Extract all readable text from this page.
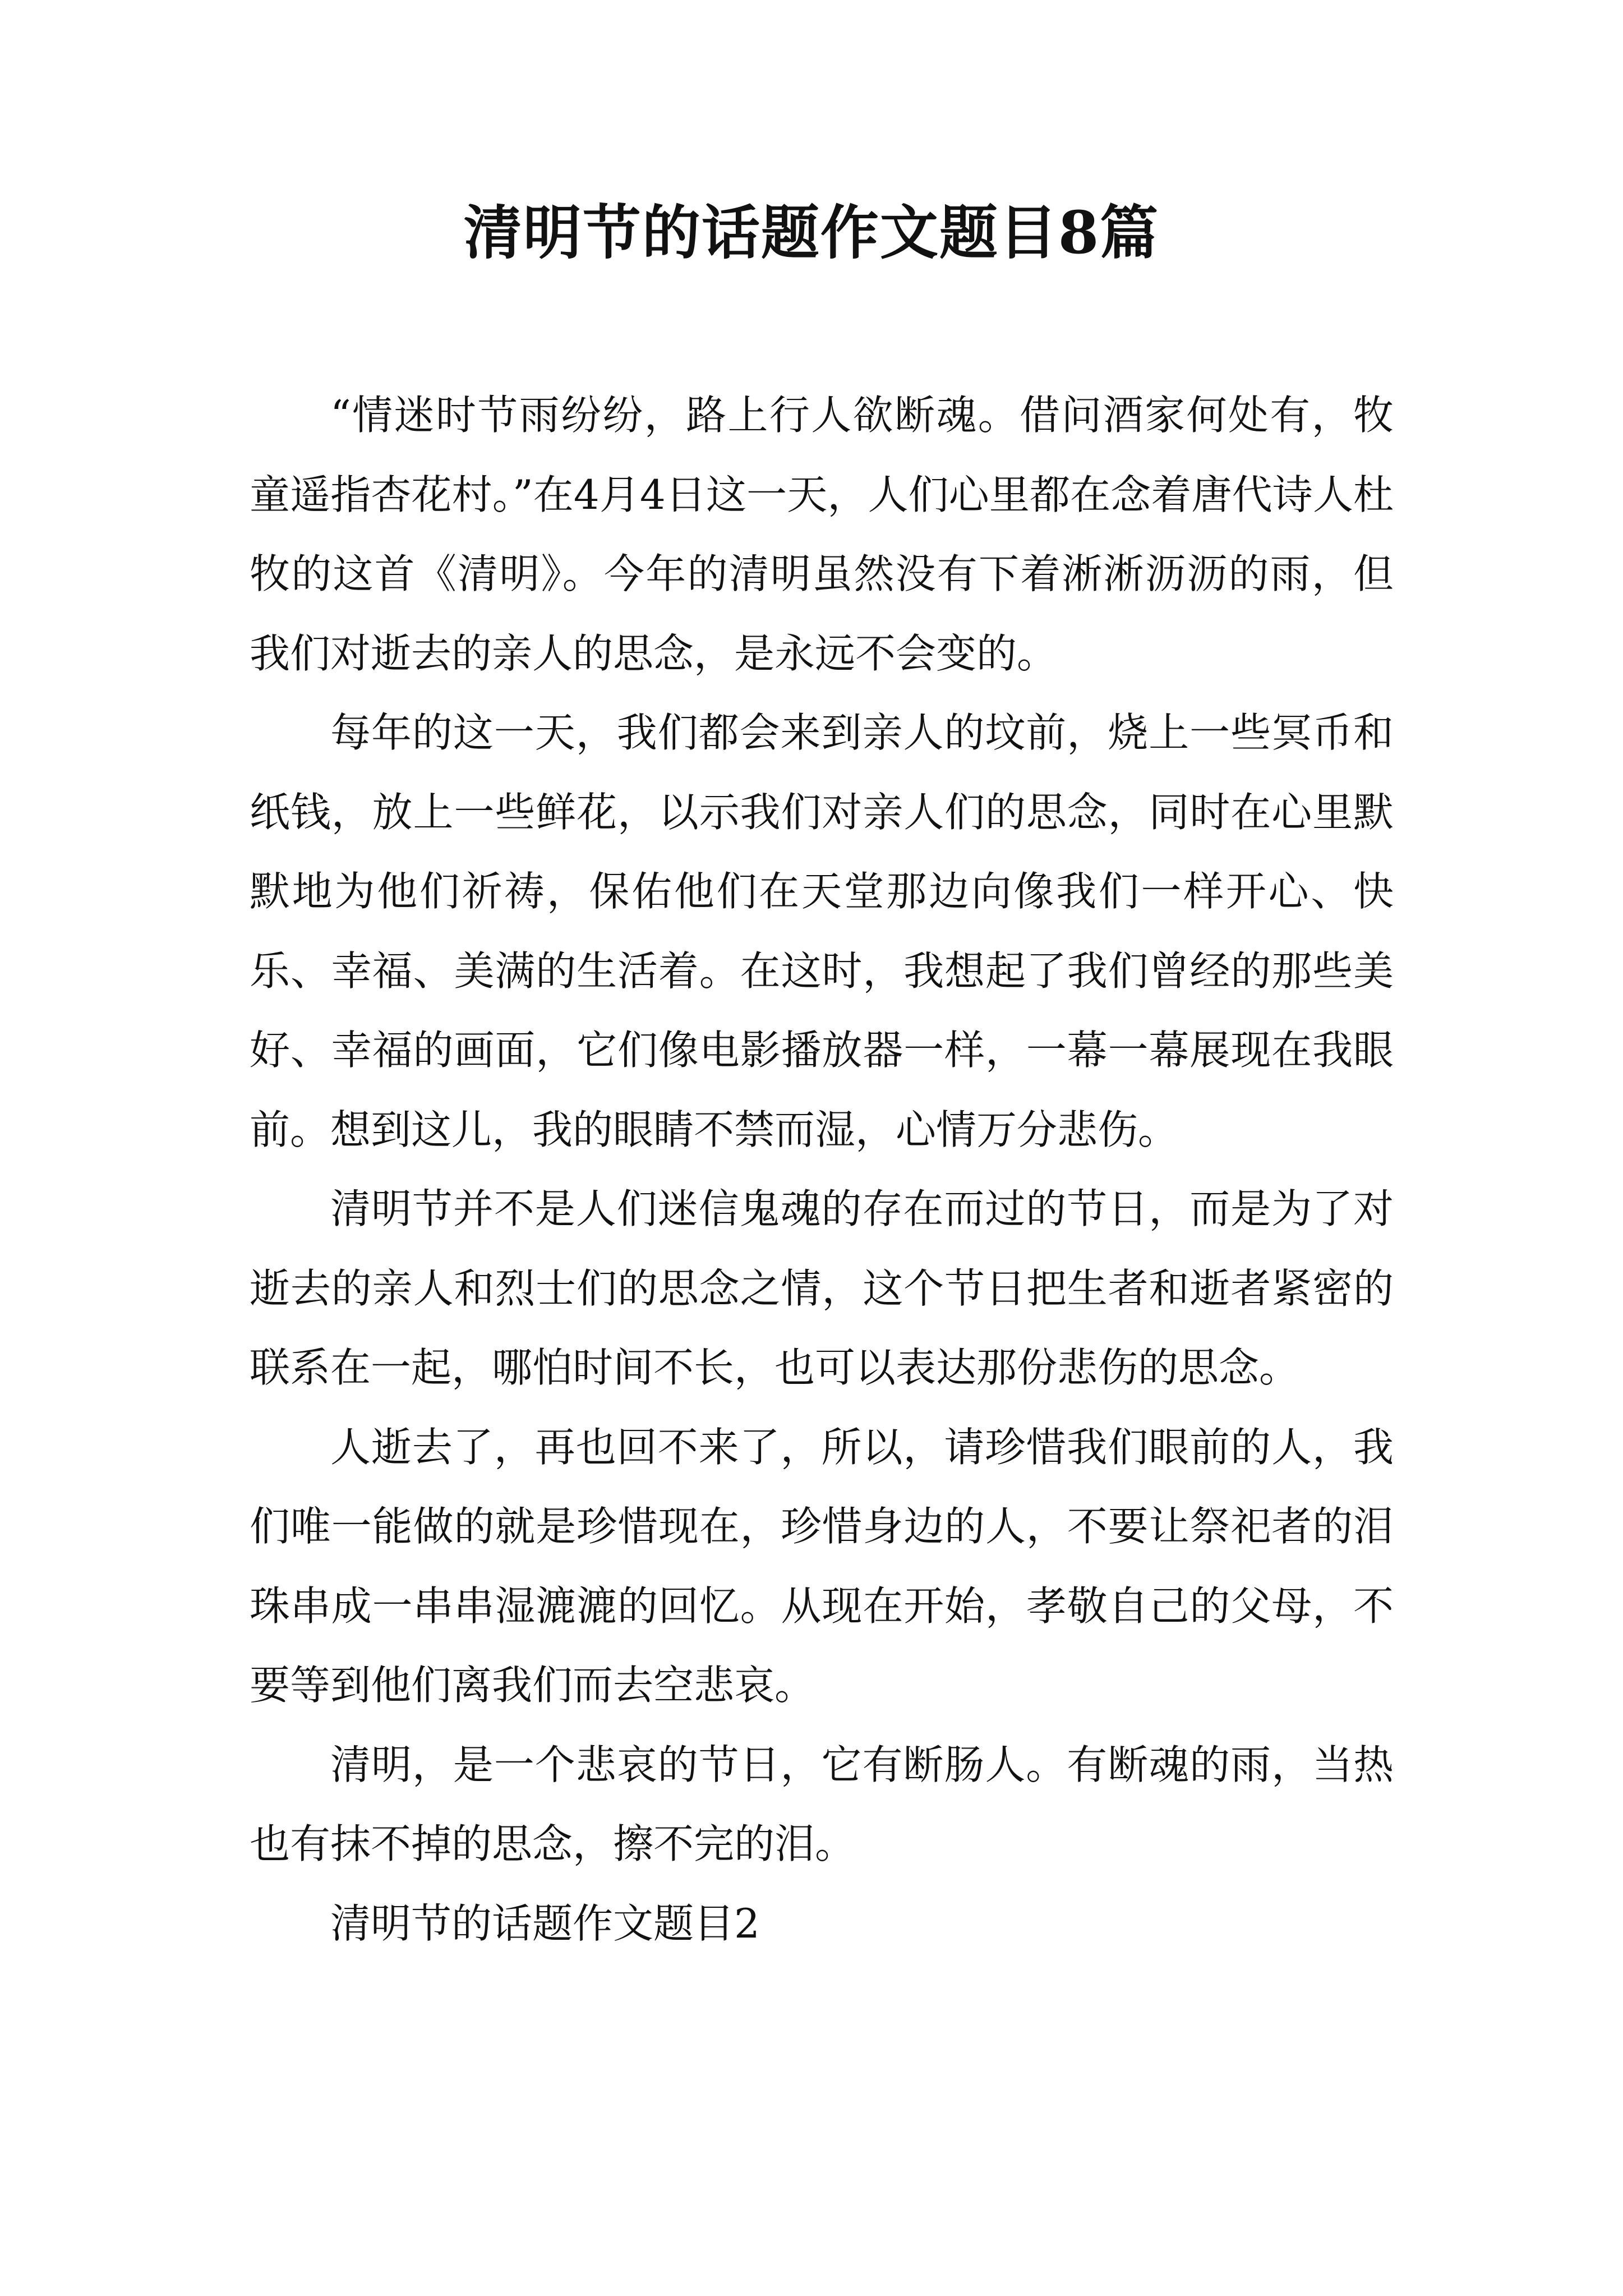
清明节的话题作文题目8篇

“情迷时节雨纷纷，路上行人欲断魂。借问酒家何处有，牧童遥指杏花村。”在4月4日这一天，人们心里都在念着唐代诗人杜牧的这首《清明》。今年的清明虽然没有下着淅淅沥沥的雨，但我们对逝去的亲人的思念，是永远不会变的。

每年的这一天，我们都会来到亲人的坟前，烧上一些冥币和纸钱，放上一些鲜花，以示我们对亲人们的思念，同时在心里默默地为他们祈祷，保佑他们在天堂那边向像我们一样开心、快乐、幸福、美满的生活着。在这时，我想起了我们曾经的那些美好、幸福的画面，它们像电影播放器一样，一幕一幕展现在我眼前。想到这儿，我的眼睛不禁而湿，心情万分悲伤。

清明节并不是人们迷信鬼魂的存在而过的节日，而是为了对逝去的亲人和烈士们的思念之情，这个节日把生者和逝者紧密的联系在一起，哪怕时间不长，也可以表达那份悲伤的思念。

人逝去了，再也回不来了，所以，请珍惜我们眼前的人，我们唯一能做的就是珍惜现在，珍惜身边的人，不要让祭祀者的泪珠串成一串串湿漉漉的回忆。从现在开始，孝敬自己的父母，不要等到他们离我们而去空悲哀。

清明，是一个悲哀的节日，它有断肠人。有断魂的雨，当热也有抹不掉的思念，擦不完的泪。

清明节的话题作文题目2
